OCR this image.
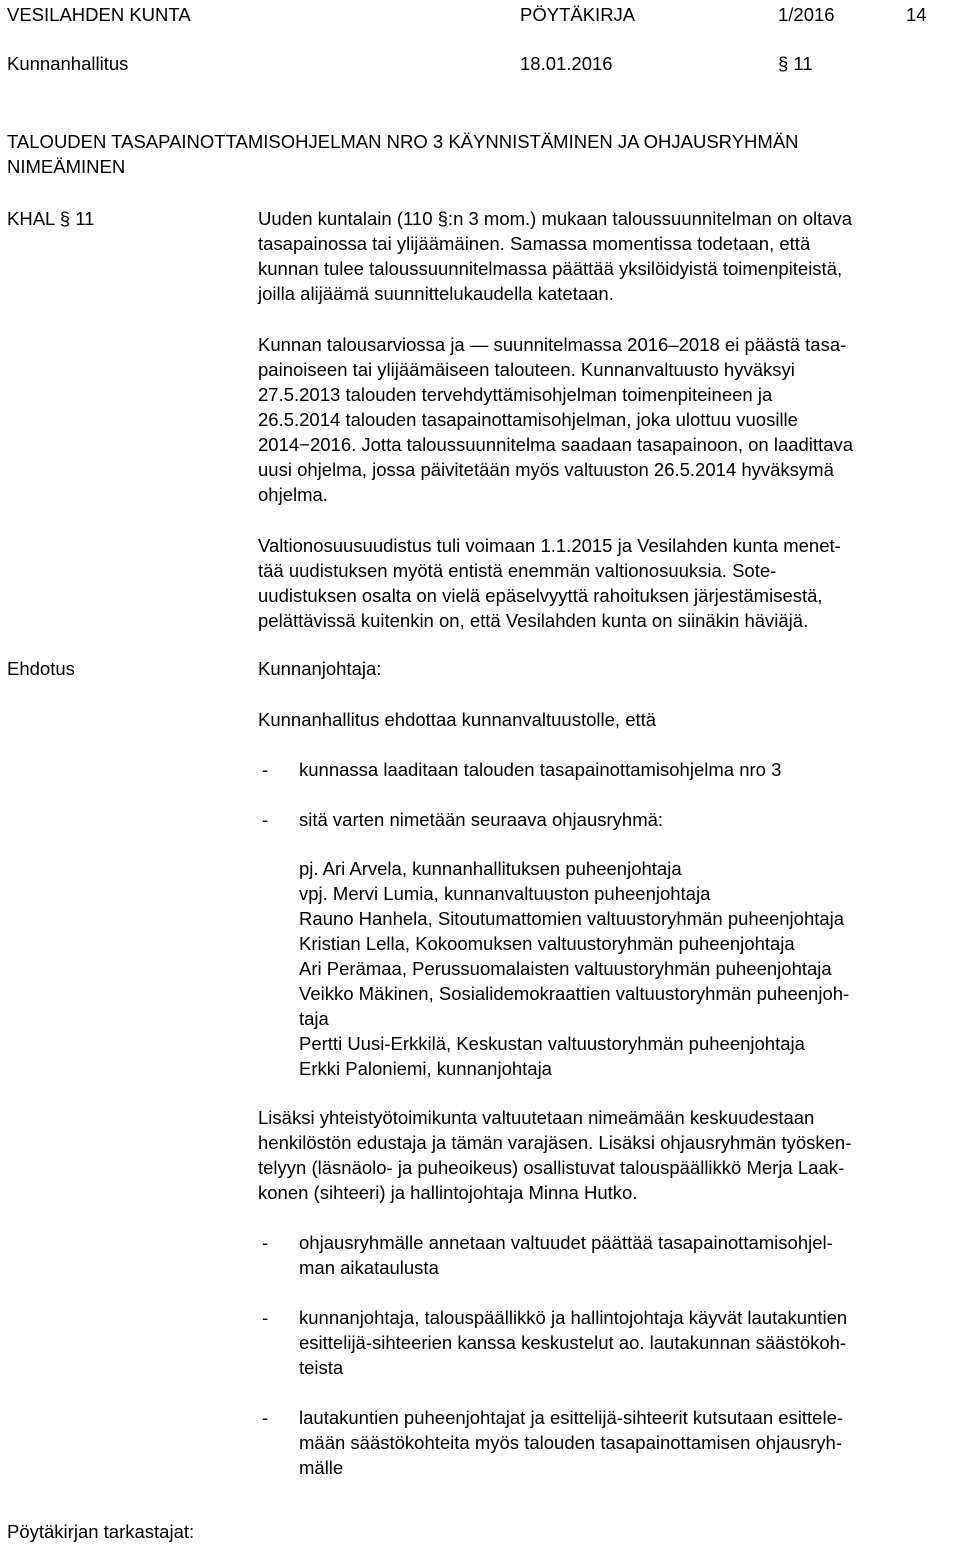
VESILAHDEN KUNTA	PÖYTÄKIRJA	1/2016	14
Kunnanhallitus	18.01.2016	§ 11
TALOUDEN TASAPAINOTTAMISOHJELMAN NRO 3 KÄYNNISTÄMINEN JA OHJAUSRYHMÄN
NIMEÄMINEN
KHAL § 11	Uuden kuntalain (110 §:n 3 mom.) mukaan taloussuunnitelman on oltava
tasapainossa tai ylijäämäinen. Samassa momentissa todetaan, että
kunnan tulee taloussuunnitelmassa päättää yksilöidyistä toimenpiteistä,
joilla alijäämä suunnittelukaudella katetaan.
Kunnan talousarviossa ja — suunnitelmassa 2016–2018 ei päästä tasa-
painoiseen tai ylijäämäiseen talouteen. Kunnanvaltuusto hyväksyi
27.5.2013 talouden tervehdyttämisohjelman toimenpiteineen ja
26.5.2014 talouden tasapainottamisohjelman, joka ulottuu vuosille
2014−2016. Jotta taloussuunnitelma saadaan tasapainoon, on laadittava
uusi ohjelma, jossa päivitetään myös valtuuston 26.5.2014 hyväksymä
ohjelma.
Valtionosuusuudistus tuli voimaan 1.1.2015 ja Vesilahden kunta menet-
tää uudistuksen myötä entistä enemmän valtionosuuksia. Sote-
uudistuksen osalta on vielä epäselvyyttä rahoituksen järjestämisestä,
pelättävissä kuitenkin on, että Vesilahden kunta on siinäkin häviäjä.
Ehdotus	Kunnanjohtaja:
Kunnanhallitus ehdottaa kunnanvaltuustolle, että
- kunnassa laaditaan talouden tasapainottamisohjelma nro 3
- sitä varten nimetään seuraava ohjausryhmä:
pj. Ari Arvela, kunnanhallituksen puheenjohtaja
vpj. Mervi Lumia, kunnanvaltuuston puheenjohtaja
Rauno Hanhela, Sitoutumattomien valtuustoryhmän puheenjohtaja
Kristian Lella, Kokoomuksen valtuustoryhmän puheenjohtaja
Ari Perämaa, Perussuomalaisten valtuustoryhmän puheenjohtaja
Veikko Mäkinen, Sosialidemokraattien valtuustoryhmän puheenjoh-
taja
Pertti Uusi-Erkkilä, Keskustan valtuustoryhmän puheenjohtaja
Erkki Paloniemi, kunnanjohtaja
Lisäksi yhteistyötoimikunta valtuutetaan nimeämään keskuudestaan
henkilöstön edustaja ja tämän varajäsen. Lisäksi ohjausryhmän työsken-
telyyn (läsnäolo- ja puheoikeus) osallistuvat talouspäällikkö Merja Laak-
konen (sihteeri) ja hallintojohtaja Minna Hutko.
- ohjausryhmälle annetaan valtuudet päättää tasapainottamisohjel-
man aikataulusta
- kunnanjohtaja, talouspäällikkö ja hallintojohtaja käyvät lautakuntien
esittelijä-sihteerien kanssa keskustelut ao. lautakunnan säästökoh-
teista
- lautakuntien puheenjohtajat ja esittelijä-sihteerit kutsutaan esittele-
mään säästökohteita myös talouden tasapainottamisen ohjausryh-
mälle
Pöytäkirjan tarkastajat:
